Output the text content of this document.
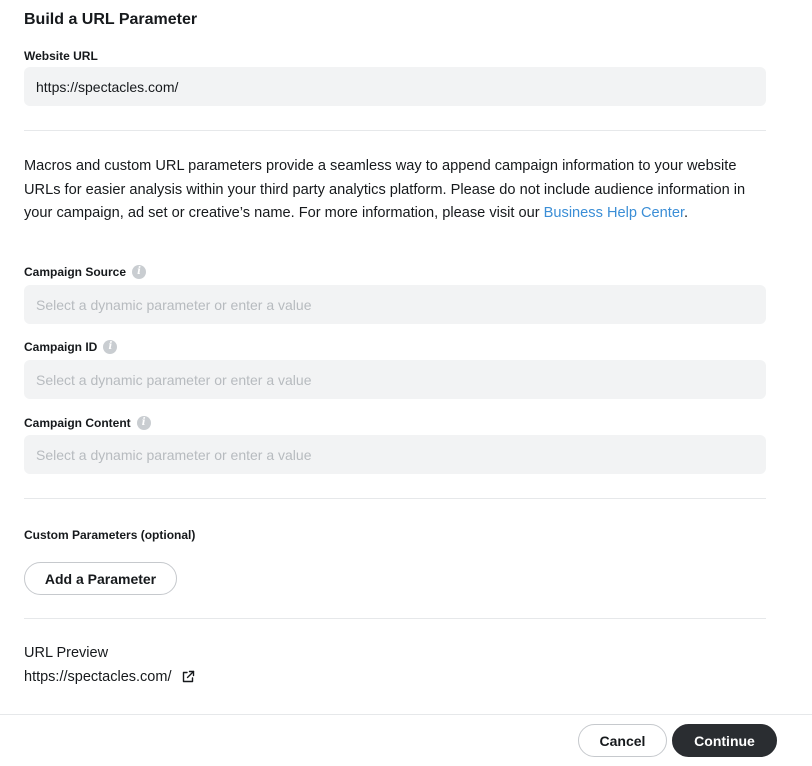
Build a URL Parameter
Website URL
https://spectacles.com/

Macros and custom URL parameters provide a seamless way to append campaign information to your website URLs for easier analysis within your third party analytics platform. Please do not include audience information in your campaign, ad set or creative’s name. For more information, please visit our Business Help Center.

Campaign Source	i
Select a dynamic parameter or enter a value
Campaign ID	i
Select a dynamic parameter or enter a value
Campaign Content	i
Select a dynamic parameter or enter a value
Custom Parameters (optional)
Add a Parameter
URL Preview
https://spectacles.com/
Cancel	Continue
